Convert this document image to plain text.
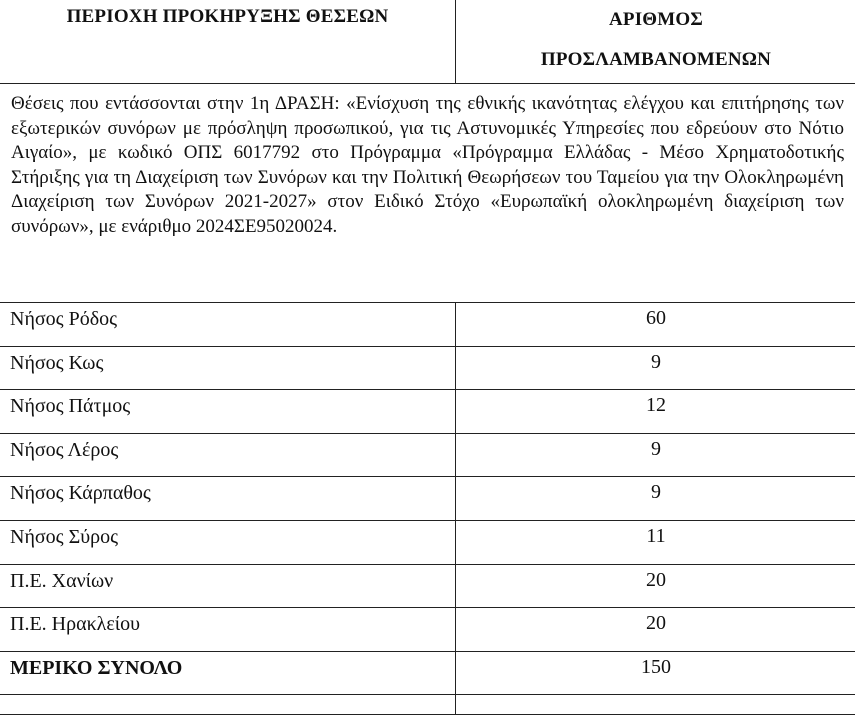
ΠΕΡΙΟΧΗ ΠΡΟΚΗΡΥΞΗΣ ΘΕΣΕΩΝ	ΑΡΙΘΜΟΣ
ΠΡΟΣΛΑΜΒΑΝΟΜΕΝΩΝ

Θέσεις που εντάσσονται στην 1η ΔΡΑΣΗ: «Ενίσχυση της εθνικής ικανότητας ελέγχου και επιτήρησης των εξωτερικών συνόρων με πρόσληψη προσωπικού, για τις Αστυνομικές Υπηρεσίες που εδρεύουν στο Νότιο Αιγαίο», με κωδικό ΟΠΣ 6017792 στο Πρόγραμμα «Πρόγραμμα Ελλάδας - Μέσο Χρηματοδοτικής Στήριξης για τη Διαχείριση των Συνόρων και την Πολιτική Θεωρήσεων του Ταμείου για την Ολοκληρωμένη Διαχείριση των Συνόρων 2021-2027» στον Ειδικό Στόχο «Ευρωπαϊκή ολοκληρωμένη διαχείριση των συνόρων», με ενάριθμο 2024ΣΕ95020024.	
Νήσος Ρόδος	60
Νήσος Κως	9
Νήσος Πάτμος	12
Νήσος Λέρος	9
Νήσος Κάρπαθος	9
Νήσος Σύρος	11
Π.Ε. Χανίων	20
Π.Ε. Ηρακλείου	20
ΜΕΡΙΚΟ ΣΥΝΟΛΟ	150
